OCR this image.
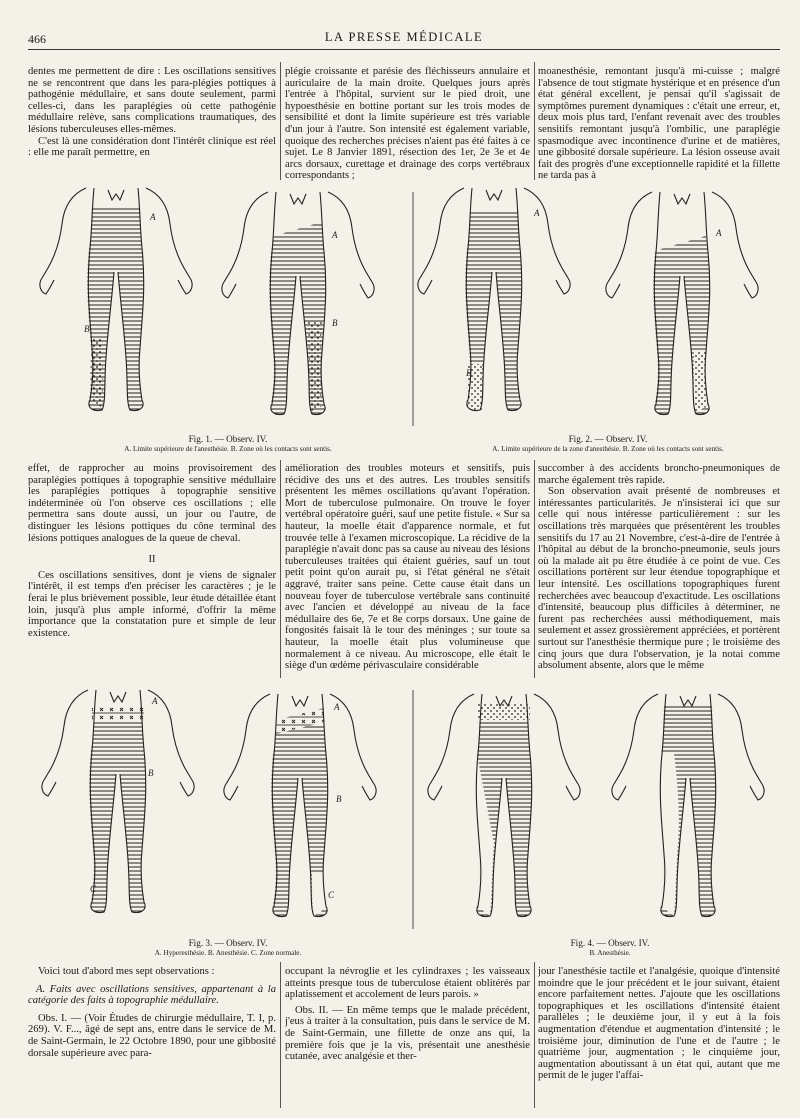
466	LA PRESSE MÉDICALE

dentes me permettent de dire : Les oscillations sensitives ne se rencontrent que dans les para-plégies pottiques à pathogénie médullaire, et sans doute seulement, parmi celles-ci, dans les paraplégies où cette pathogénie médullaire relève, sans complications traumatiques, des lésions tuberculeuses elles-mêmes.

C'est là une considération dont l'intérêt clinique est réel : elle me paraît permettre, en

plégie croissante et parésie des fléchisseurs annulaire et auriculaire de la main droite. Quelques jours après l'entrée à l'hôpital, survient sur le pied droit, une hypoesthésie en bottine portant sur les trois modes de sensibilité et dont la limite supérieure est très variable d'un jour à l'autre. Son intensité est également variable, quoique des recherches précises n'aient pas été faites à ce sujet. Le 8 Janvier 1891, résection des 1er, 2e 3e et 4e arcs dorsaux, curettage et drainage des corps vertébraux correspondants ;

moanesthésie, remontant jusqu'à mi-cuisse ; malgré l'absence de tout stigmate hystérique et en présence d'un état général excellent, je pensai qu'il s'agissait de symptômes purement dynamiques : c'était une erreur, et, deux mois plus tard, l'enfant revenait avec des troubles sensitifs remontant jusqu'à l'ombilic, une paraplégie spasmodique avec incontinence d'urine et de matières, une gibbosité dorsale supérieure. La lésion osseuse avait fait des progrès d'une exceptionnelle rapidité et la fillette ne tarda pas à

A
B
A
B
A
B
A
Fig. 1. — Observ. IV.
A. Limite supérieure de l'anesthésie. B. Zone où les contacts sont sentis.
Fig. 2. — Observ. IV.
A. Limite supérieure de la zone d'anesthésie. B. Zone où les contacts sont sentis.

effet, de rapprocher au moins provisoirement des paraplégies pottiques à topographie sensitive médullaire les paraplégies pottiques à topographie sensitive indéterminée où l'on observe ces oscillations ; elle permettra sans doute aussi, un jour ou l'autre, de distinguer les lésions pottiques du cône terminal des lésions pottiques analogues de la queue de cheval.

II

Ces oscillations sensitives, dont je viens de signaler l'intérêt, il est temps d'en préciser les caractères ; je le ferai le plus brièvement possible, leur étude détaillée étant loin, jusqu'à plus ample informé, d'offrir la même importance que la constatation pure et simple de leur existence.

amélioration des troubles moteurs et sensitifs, puis récidive des uns et des autres. Les troubles sensitifs présentent les mêmes oscillations qu'avant l'opération. Mort de tuberculose pulmonaire. On trouve le foyer vertébral opératoire guéri, sauf une petite fistule. « Sur sa hauteur, la moelle était d'apparence normale, et fut trouvée telle à l'examen microscopique. La récidive de la paraplégie n'avait donc pas sa cause au niveau des lésions tuberculeuses traitées qui étaient guéries, sauf un tout petit point qu'on aurait pu, si l'état général ne s'était aggravé, traiter sans peine. Cette cause était dans un nouveau foyer de tuberculose vertébrale sans continuité avec l'ancien et développé au niveau de la face médullaire des 6e, 7e et 8e corps dorsaux. Une gaine de fongosités faisait là le tour des méninges ; sur toute sa hauteur, la moelle était plus volumineuse que normalement à ce niveau. Au microscope, elle était le siège d'un œdème périvasculaire considérable

succomber à des accidents broncho-pneumoniques de marche également très rapide.

Son observation avait présenté de nombreuses et intéressantes particularités. Je n'insisterai ici que sur celle qui nous intéresse particulièrement : sur les oscillations très marquées que présentèrent les troubles sensitifs du 17 au 21 Novembre, c'est-à-dire de l'entrée à l'hôpital au début de la broncho-pneumonie, seuls jours où la malade ait pu être étudiée à ce point de vue. Ces oscillations portèrent sur leur étendue topographique et leur intensité. Les oscillations topographiques furent recherchées avec beaucoup d'exactitude. Les oscillations d'intensité, beaucoup plus difficiles à déterminer, ne furent pas recherchées aussi méthodiquement, mais seulement et assez grossièrement appréciées, et portèrent surtout sur l'anesthésie thermique pure ; le troisième des cinq jours que dura l'observation, je la notai comme absolument absente, alors que le même

A
B
C
A
B
C
Fig. 3. — Observ. IV.
A. Hyperesthésie. B. Anesthésie. C. Zone normale.
Fig. 4. — Observ. IV.
B. Anesthésie.

Voici tout d'abord mes sept observations :

A. Faits avec oscillations sensitives, appartenant à la catégorie des faits à topographie médullaire.

Obs. I. — (Voir Études de chirurgie médullaire, T. I, p. 269). V. F..., âgé de sept ans, entre dans le service de M. de Saint-Germain, le 22 Octobre 1890, pour une gibbosité dorsale supérieure avec para-

occupant la névroglie et les cylindraxes ; les vaisseaux atteints presque tous de tuberculose étaient oblitérés par aplatissement et accolement de leurs parois. »

Obs. II. — En même temps que le malade précédent, j'eus à traiter à la consultation, puis dans le service de M. de Saint-Germain, une fillette de onze ans qui, la première fois que je la vis, présentait une anesthésie cutanée, avec analgésie et ther-

jour l'anesthésie tactile et l'analgésie, quoique d'intensité moindre que le jour précédent et le jour suivant, étaient encore parfaitement nettes. J'ajoute que les oscillations topographiques et les oscillations d'intensité étaient parallèles ; le deuxième jour, il y eut à la fois augmentation d'étendue et augmentation d'intensité ; le troisième jour, diminution de l'une et de l'autre ; le quatrième jour, augmentation ; le cinquième jour, augmentation aboutissant à un état qui, autant que me permit de le juger l'affai-
